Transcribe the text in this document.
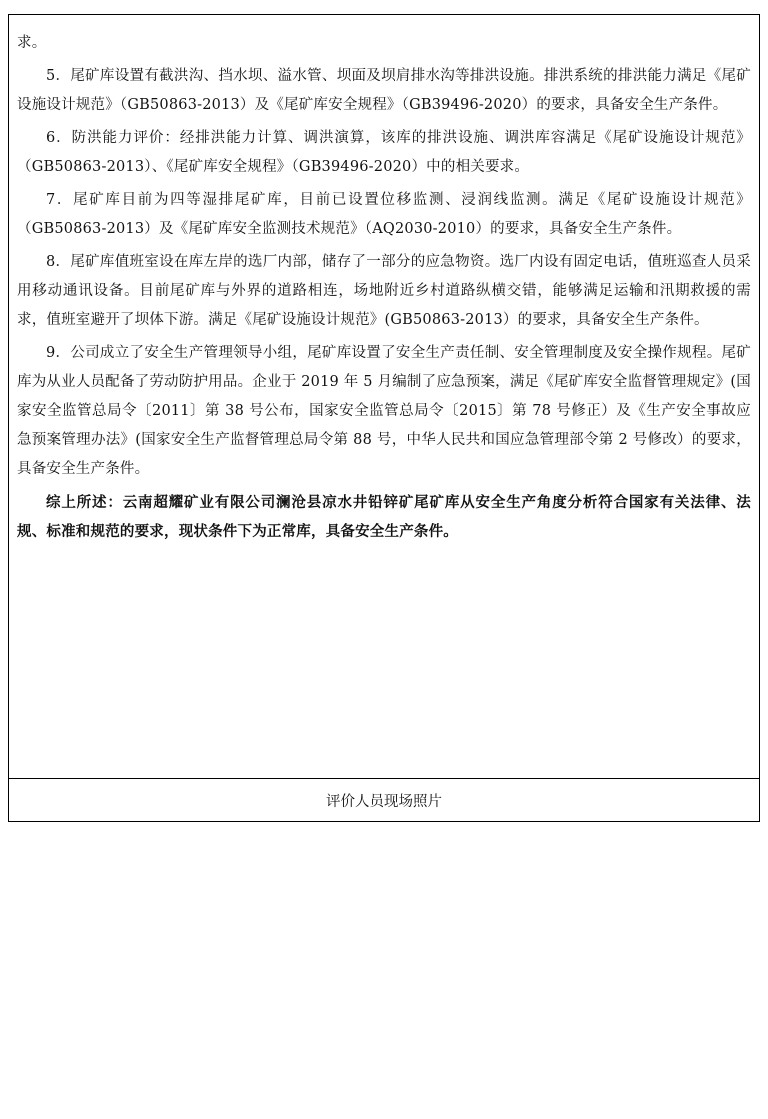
求。

5．尾矿库设置有截洪沟、挡水坝、溢水管、坝面及坝肩排水沟等排洪设施。排洪系统的排洪能力满足《尾矿设施设计规范》（GB50863-2013）及《尾矿库安全规程》（GB39496-2020）的要求，具备安全生产条件。

6．防洪能力评价：经排洪能力计算、调洪演算，该库的排洪设施、调洪库容满足《尾矿设施设计规范》（GB50863-2013）、《尾矿库安全规程》（GB39496-2020）中的相关要求。

7．尾矿库目前为四等湿排尾矿库，目前已设置位移监测、浸润线监测。满足《尾矿设施设计规范》（GB50863-2013）及《尾矿库安全监测技术规范》（AQ2030-2010）的要求，具备安全生产条件。

8．尾矿库值班室设在库左岸的选厂内部，储存了一部分的应急物资。选厂内设有固定电话，值班巡查人员采用移动通讯设备。目前尾矿库与外界的道路相连，场地附近乡村道路纵横交错，能够满足运输和汛期救援的需求，值班室避开了坝体下游。满足《尾矿设施设计规范》(GB50863-2013）的要求，具备安全生产条件。

9．公司成立了安全生产管理领导小组，尾矿库设置了安全生产责任制、安全管理制度及安全操作规程。尾矿库为从业人员配备了劳动防护用品。企业于 2019 年 5 月编制了应急预案，满足《尾矿库安全监督管理规定》(国家安全监管总局令〔2011〕第 38 号公布，国家安全监管总局令〔2015〕第 78 号修正）及《生产安全事故应急预案管理办法》(国家安全生产监督管理总局令第 88 号，中华人民共和国应急管理部令第 2 号修改）的要求，具备安全生产条件。

综上所述：云南超耀矿业有限公司澜沧县凉水井铅锌矿尾矿库从安全生产角度分析符合国家有关法律、法规、标准和规范的要求，现状条件下为正常库，具备安全生产条件。

评价人员现场照片
